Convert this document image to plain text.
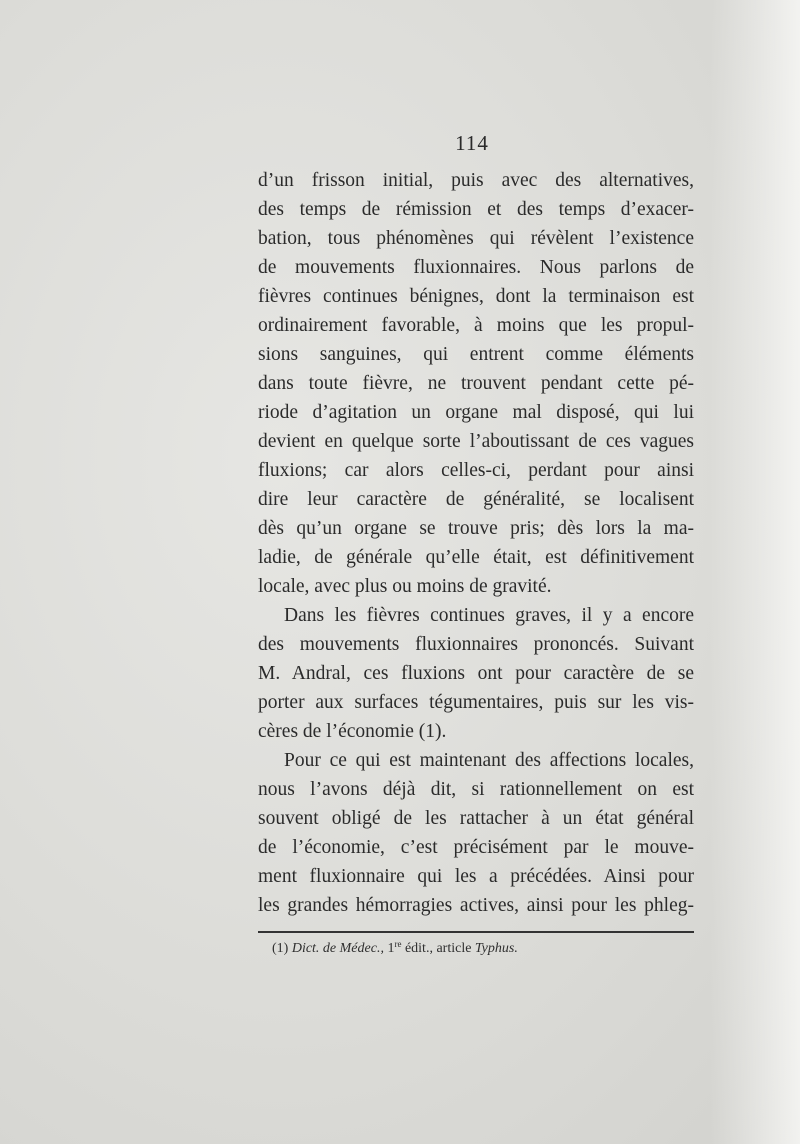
114
d’un frisson initial, puis avec des alternatives,
des temps de rémission et des temps d’exacer-
bation, tous phénomènes qui révèlent l’existence
de mouvements fluxionnaires. Nous parlons de
fièvres continues bénignes, dont la terminaison est
ordinairement favorable, à moins que les propul-
sions sanguines, qui entrent comme éléments
dans toute fièvre, ne trouvent pendant cette pé-
riode d’agitation un organe mal disposé, qui lui
devient en quelque sorte l’aboutissant de ces vagues
fluxions; car alors celles-ci, perdant pour ainsi
dire leur caractère de généralité, se localisent
dès qu’un organe se trouve pris; dès lors la ma-
ladie, de générale qu’elle était, est définitivement
locale, avec plus ou moins de gravité.
Dans les fièvres continues graves, il y a encore
des mouvements fluxionnaires prononcés. Suivant
M. Andral, ces fluxions ont pour caractère de se
porter aux surfaces tégumentaires, puis sur les vis-
cères de l’économie (1).
Pour ce qui est maintenant des affections locales,
nous l’avons déjà dit, si rationnellement on est
souvent obligé de les rattacher à un état général
de l’économie, c’est précisément par le mouve-
ment fluxionnaire qui les a précédées. Ainsi pour
les grandes hémorragies actives, ainsi pour les phleg-
(1) Dict. de Médec., 1re édit., article Typhus.
